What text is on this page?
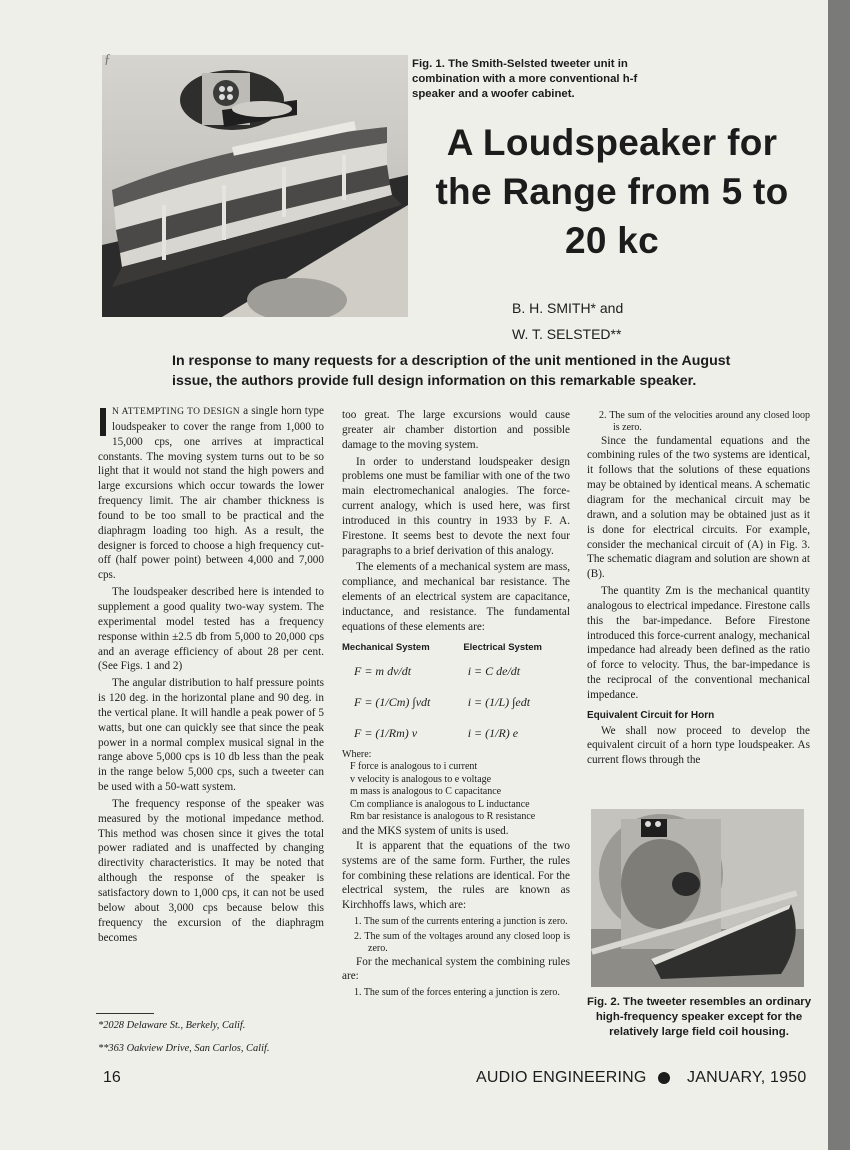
ƒ	Fig. 1. The Smith-Selsted tweeter unit in combination with a more conventional h-f speaker and a woofer cabinet.
A Loudspeaker for the Range from 5 to 20 kc
B. H. SMITH* and
W. T. SELSTED**
In response to many requests for a description of the unit mentioned in the August issue, the authors provide full design information on this remarkable speaker.

N ATTEMPTING TO DESIGN a single horn type loudspeaker to cover the range from 1,000 to 15,000 cps, one arrives at impractical constants. The moving system turns out to be so light that it would not stand the high powers and large excursions which occur towards the lower frequency limit. The air chamber thickness is found to be too small to be practical and the diaphragm loading too high. As a result, the designer is forced to choose a high frequency cut-off (half power point) between 4,000 and 7,000 cps.

The loudspeaker described here is intended to supplement a good quality two-way system. The experimental model tested has a frequency response within ±2.5 db from 5,000 to 20,000 cps and an average efficiency of about 28 per cent. (See Figs. 1 and 2)

The angular distribution to half pressure points is 120 deg. in the horizontal plane and 90 deg. in the vertical plane. It will handle a peak power of 5 watts, but one can quickly see that since the peak power in a normal complex musical signal in the range above 5,000 cps is 10 db less than the peak in the range below 5,000 cps, such a tweeter can be used with a 50-watt system.

The frequency response of the speaker was measured by the motional impedance method. This method was chosen since it gives the total power radiated and is unaffected by changing directivity characteristics. It may be noted that although the response of the speaker is satisfactory down to 1,000 cps, it can not be used below about 3,000 cps because below this frequency the excursion of the diaphragm becomes

too great. The large excursions would cause greater air chamber distortion and possible damage to the moving system.

In order to understand loudspeaker design problems one must be familiar with one of the two main electromechanical analogies. The force-current analogy, which is used here, was first introduced in this country in 1933 by F. A. Firestone. It seems best to devote the next four paragraphs to a brief derivation of this analogy.

The elements of a mechanical system are mass, compliance, and mechanical bar resistance. The elements of an electrical system are capacitance, inductance, and resistance. The fundamental equations of these elements are:

Mechanical System	Electrical System
F = m dv/dt	i = C de/dt
F = (1/Cm) ∫vdt	i = (1/L) ∫edt
F = (1/Rm) v	i = (1/R) e
Where:
F force is analogous to i current
v velocity is analogous to e voltage
m mass is analogous to C capacitance
Cm compliance is analogous to L inductance
Rm bar resistance is analogous to R resistance

and the MKS system of units is used.

It is apparent that the equations of the two systems are of the same form. Further, the rules for combining these relations are identical. For the electrical system, the rules are known as Kirchhoffs laws, which are:

1. The sum of the currents entering a junction is zero.
2. The sum of the voltages around any closed loop is zero.

For the mechanical system the combining rules are:

1. The sum of the forces entering a junction is zero.
2. The sum of the velocities around any closed loop is zero.

Since the fundamental equations and the combining rules of the two systems are identical, it follows that the solutions of these equations may be obtained by identical means. A schematic diagram for the mechanical circuit may be drawn, and a solution may be obtained just as it is done for electrical circuits. For example, consider the mechanical circuit of (A) in Fig. 3. The schematic diagram and solution are shown at (B).

The quantity Zm is the mechanical quantity analogous to electrical impedance. Firestone calls this the bar-impedance. Before Firestone introduced this force-current analogy, mechanical impedance had already been defined as the ratio of force to velocity. Thus, the bar-impedance is the reciprocal of the conventional mechanical impedance.

Equivalent Circuit for Horn

We shall now proceed to develop the equivalent circuit of a horn type loudspeaker. As current flows through the

Fig. 2. The tweeter resembles an ordinary high-frequency speaker except for the relatively large field coil housing.
*2028 Delaware St., Berkely, Calif.
**363 Oakview Drive, San Carlos, Calif.
16	AUDIO ENGINEERING	JANUARY, 1950
